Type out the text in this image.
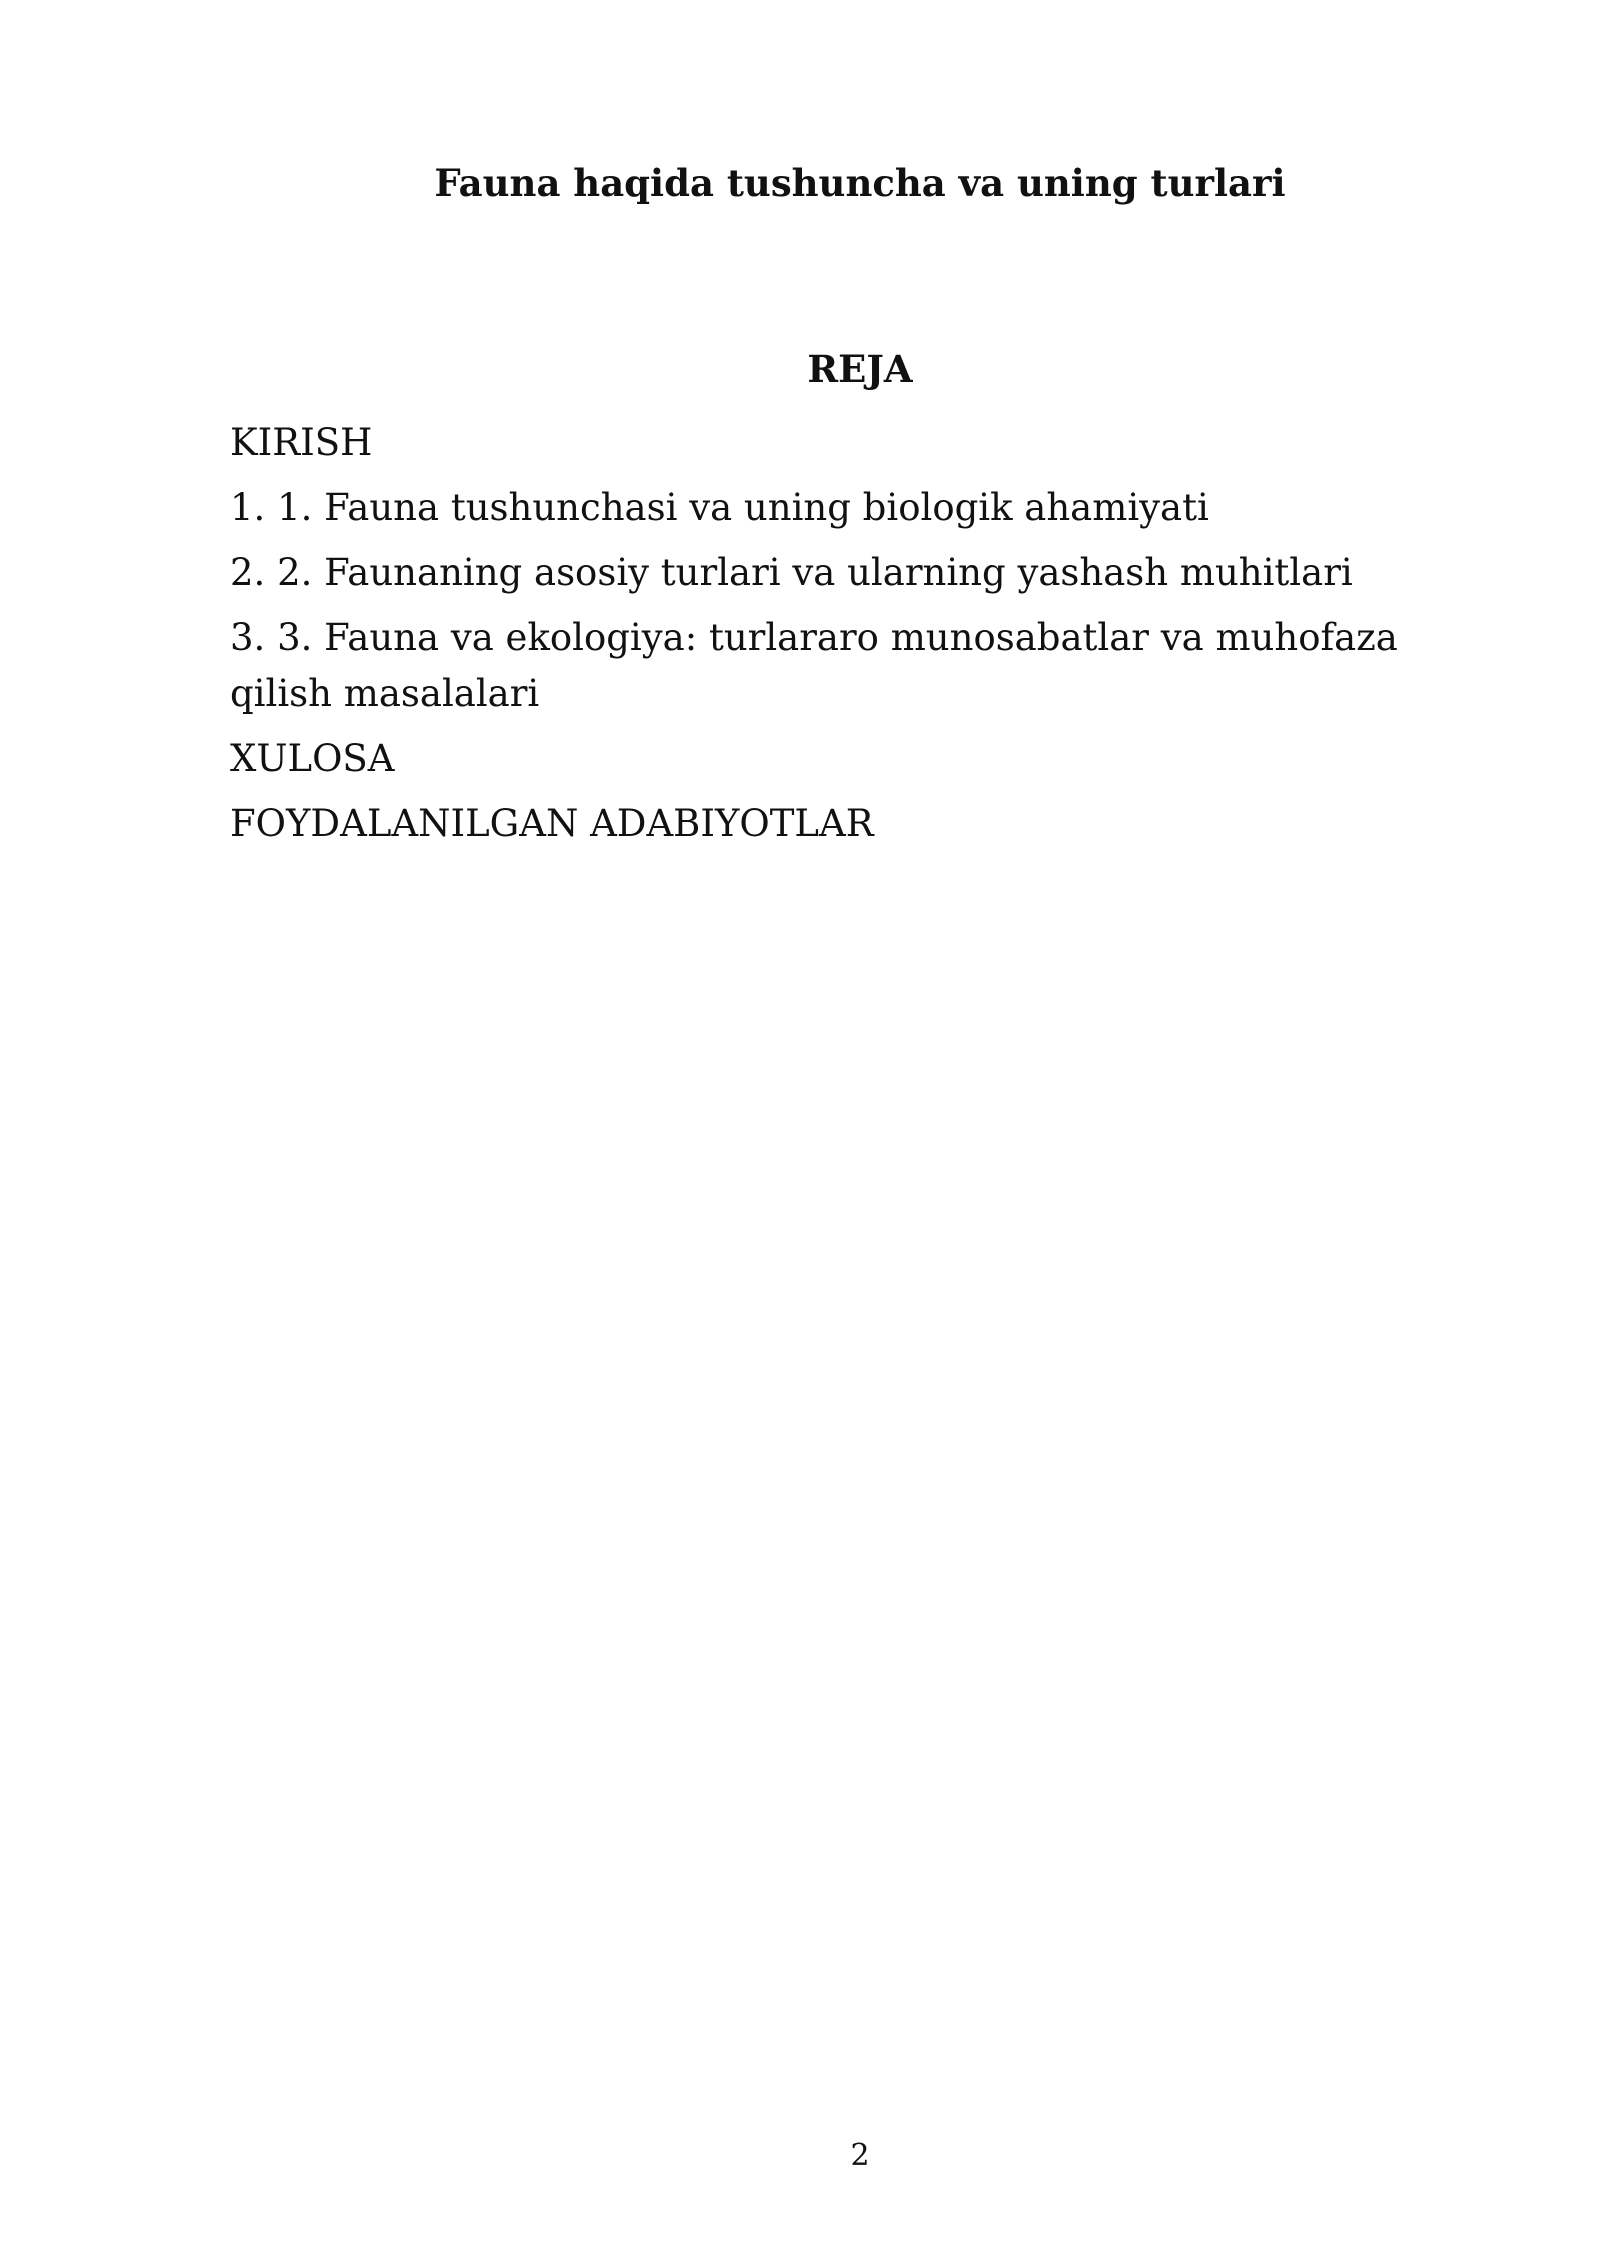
Fauna haqida tushuncha va uning turlari
REJA
KIRISH
1. 1. Fauna tushunchasi va uning biologik ahamiyati
2. 2. Faunaning asosiy turlari va ularning yashash muhitlari
3. 3. Fauna va ekologiya: turlararo munosabatlar va muhofaza qilish masalalari
XULOSA
FOYDALANILGAN ADABIYOTLAR
2
